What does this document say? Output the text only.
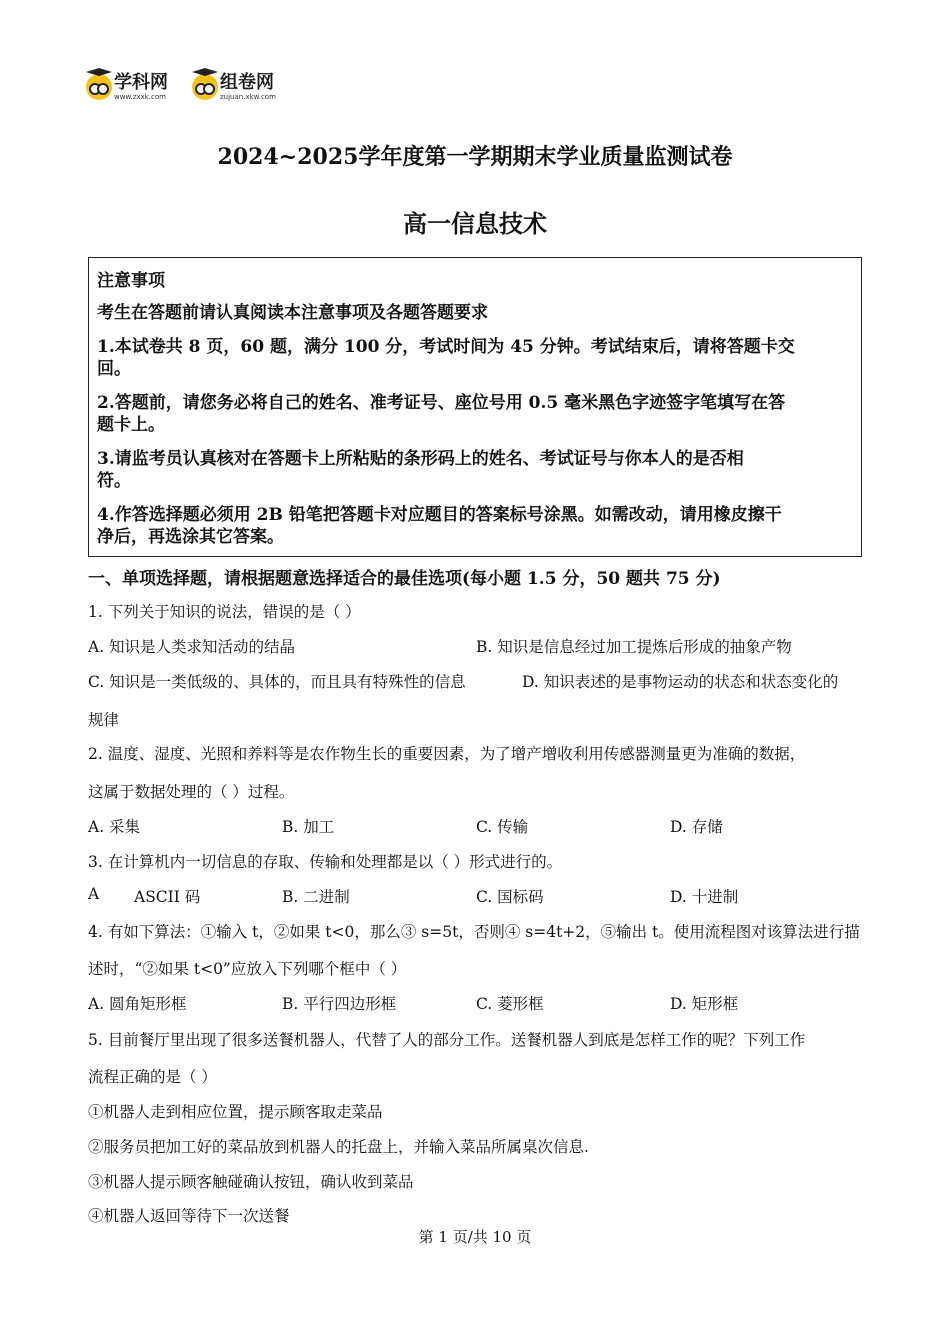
学科网
www.zxxk.com
组卷网
zujuan.xkw.com
2024~2025学年度第一学期期末学业质量监测试卷
高一信息技术
注意事项
考生在答题前请认真阅读本注意事项及各题答题要求
1.本试卷共 8 页，60 题，满分 100 分，考试时间为 45 分钟。考试结束后，请将答题卡交
回。
2.答题前，请您务必将自己的姓名、准考证号、座位号用 0.5 毫米黑色字迹签字笔填写在答
题卡上。
3.请监考员认真核对在答题卡上所粘贴的条形码上的姓名、考试证号与你本人的是否相
符。
4.作答选择题必须用 2B 铅笔把答题卡对应题目的答案标号涂黑。如需改动，请用橡皮擦干
净后，再选涂其它答案。
一、单项选择题，请根据题意选择适合的最佳选项(每小题 1.5 分，50 题共 75 分)
1. 下列关于知识的说法，错误的是（ ）
A. 知识是人类求知活动的结晶	B. 知识是信息经过加工提炼后形成的抽象产物
C. 知识是一类低级的、具体的，而且具有特殊性的信息	D. 知识表述的是事物运动的状态和状态变化的
规律
2. 温度、湿度、光照和养料等是农作物生长的重要因素，为了增产增收利用传感器测量更为准确的数据，
这属于数据处理的（ ）过程。
A. 采集	B. 加工	C. 传输	D. 存储
3. 在计算机内一切信息的存取、传输和处理都是以（ ）形式进行的。
A ASCII 码	B. 二进制	C. 国标码	D. 十进制
4. 有如下算法：①输入 t，②如果 t<0，那么③ s=5t，否则④ s=4t+2，⑤输出 t。使用流程图对该算法进行描
述时，“②如果 t<0”应放入下列哪个框中（ ）
A. 圆角矩形框	B. 平行四边形框	C. 菱形框	D. 矩形框
5. 目前餐厅里出现了很多送餐机器人，代替了人的部分工作。送餐机器人到底是怎样工作的呢？下列工作
流程正确的是（ ）
①机器人走到相应位置，提示顾客取走菜品
②服务员把加工好的菜品放到机器人的托盘上，并输入菜品所属桌次信息.
③机器人提示顾客触碰确认按钮，确认收到菜品
④机器人返回等待下一次送餐
第 1 页/共 10 页
